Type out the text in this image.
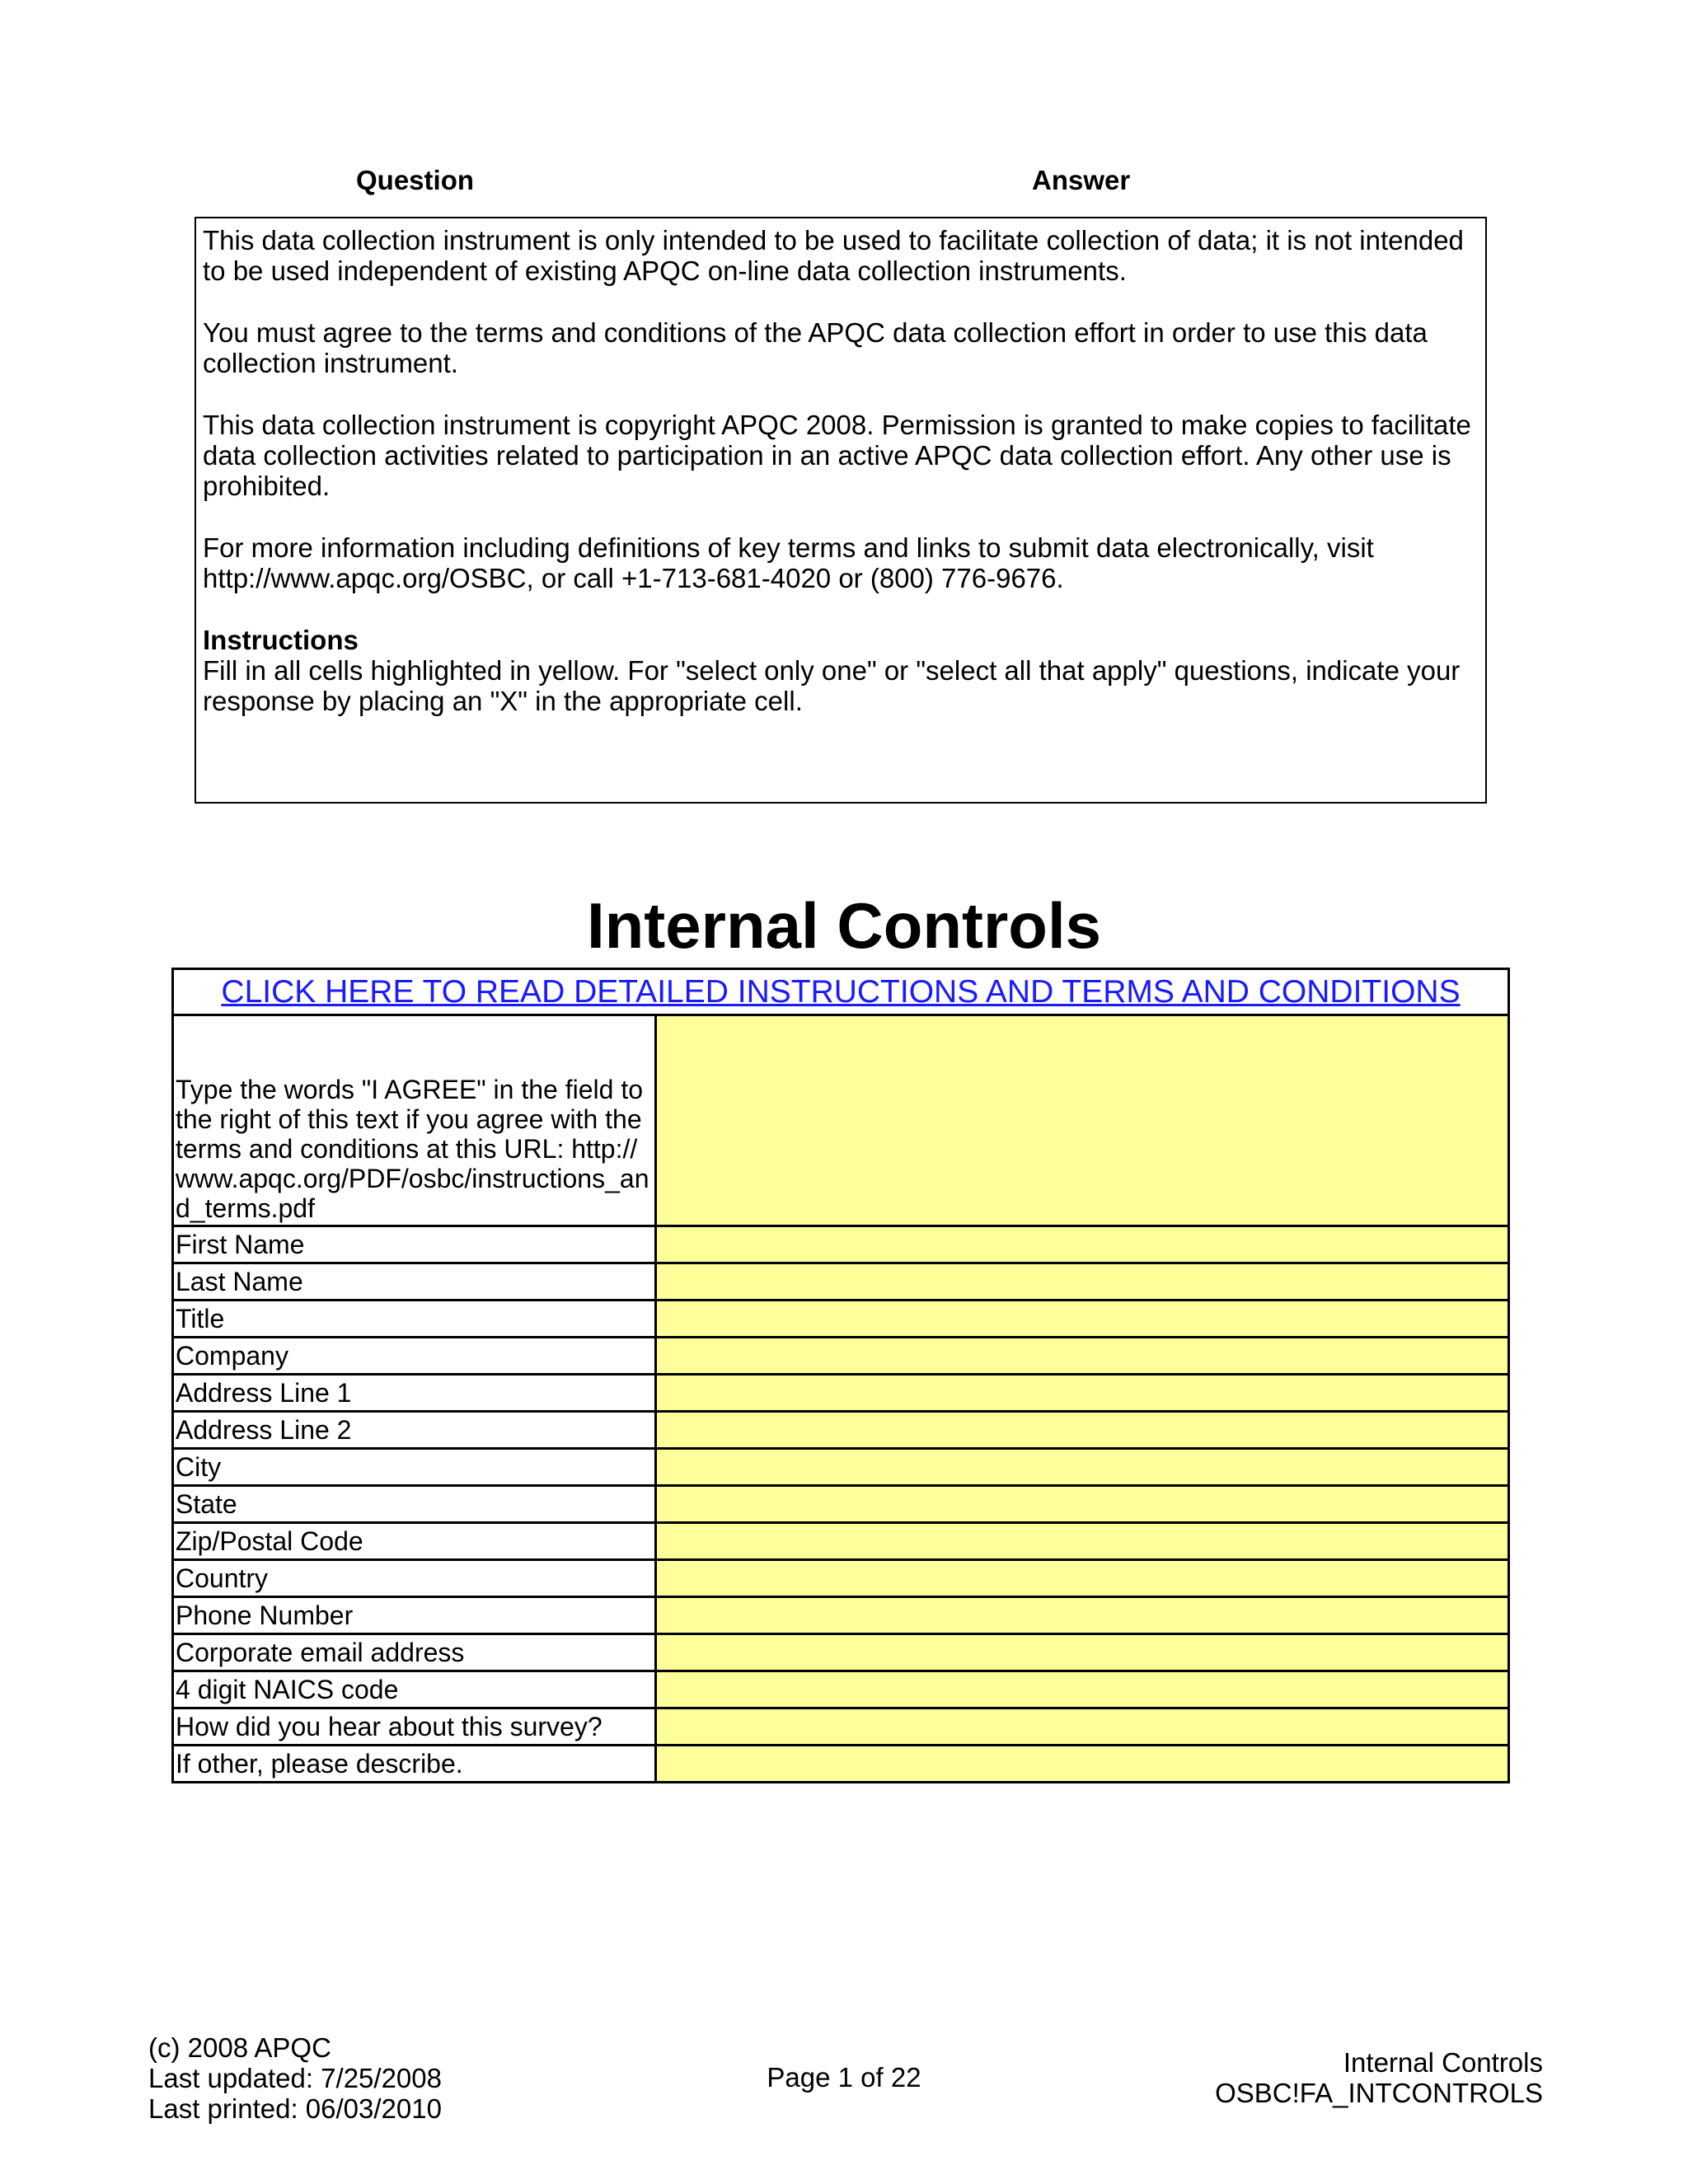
Question	Answer

This data collection instrument is only intended to be used to facilitate collection of data; it is not intended to be used independent of existing APQC on-line data collection instruments.

You must agree to the terms and conditions of the APQC data collection effort in order to use this data collection instrument.

This data collection instrument is copyright APQC 2008. Permission is granted to make copies to facilitate data collection activities related to participation in an active APQC data collection effort. Any other use is prohibited.

For more information including definitions of key terms and links to submit data electronically, visit http://www.apqc.org/OSBC, or call +1-713-681-4020 or (800) 776-9676.

Instructions
Fill in all cells highlighted in yellow. For "select only one" or "select all that apply" questions, indicate your response by placing an "X" in the appropriate cell.
Internal Controls
CLICK HERE TO READ DETAILED INSTRUCTIONS AND TERMS AND CONDITIONS
Type the words "I AGREE" in the field to the right of this text if you agree with the terms and conditions at this URL: http://www.apqc.org/PDF/osbc/instructions_and_terms.pdf
First Name
Last Name
Title
Company
Address Line 1
Address Line 2
City
State
Zip/Postal Code
Country
Phone Number
Corporate email address
4 digit NAICS code
How did you hear about this survey?
If other, please describe.
(c) 2008 APQC
Last updated: 7/25/2008
Last printed: 06/03/2010
Page 1 of 22	Internal Controls
OSBC!FA_INTCONTROLS
